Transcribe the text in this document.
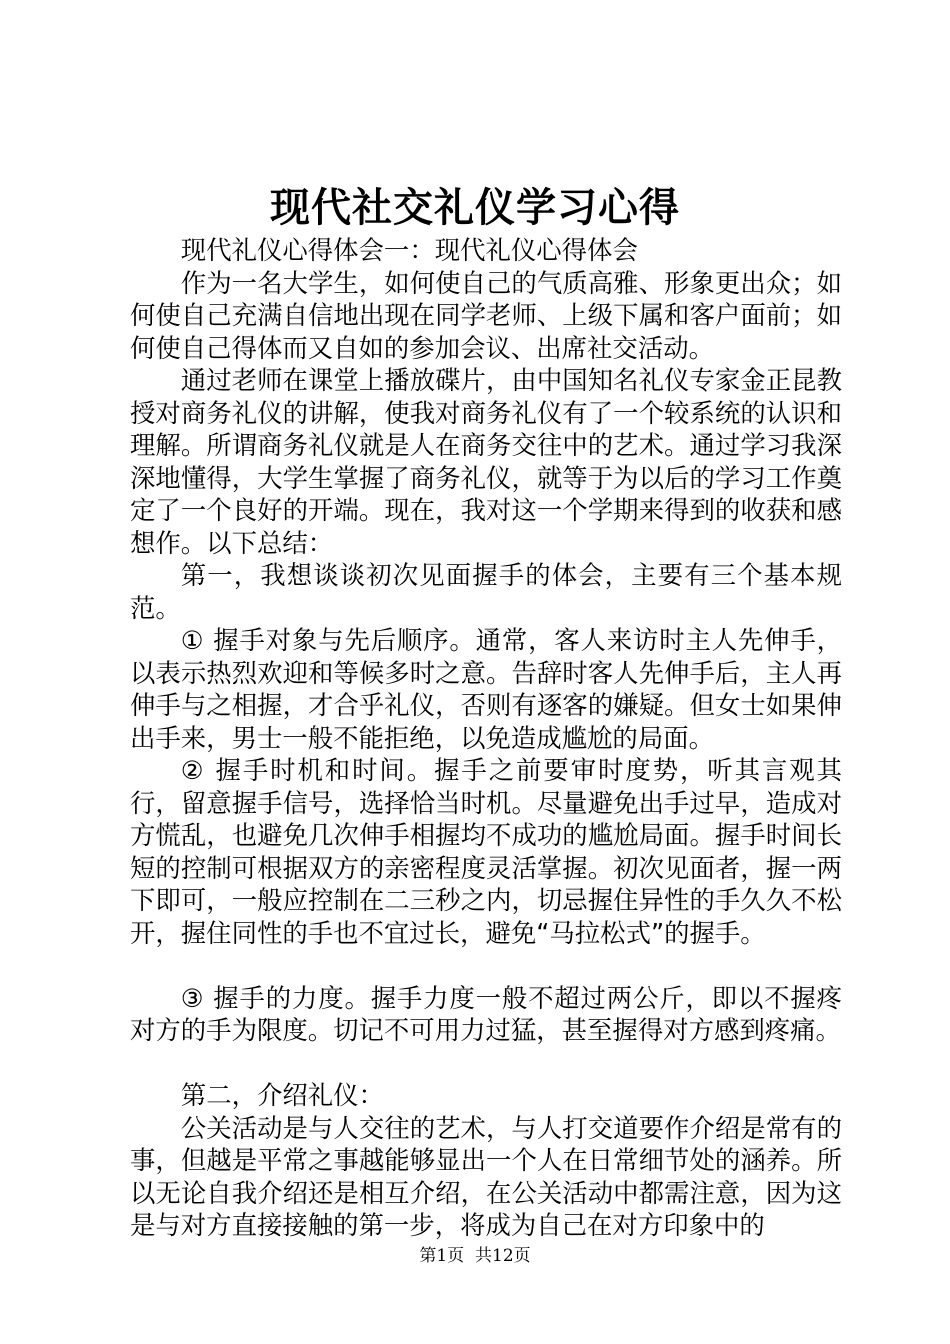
现代社交礼仪学习心得

现代礼仪心得体会一：现代礼仪心得体会

作为一名大学生，如何使自己的气质高雅、形象更出众；如何使自己充满自信地出现在同学老师、上级下属和客户面前；如何使自己得体而又自如的参加会议、出席社交活动。

通过老师在课堂上播放碟片，由中国知名礼仪专家金正昆教授对商务礼仪的讲解，使我对商务礼仪有了一个较系统的认识和理解。所谓商务礼仪就是人在商务交往中的艺术。通过学习我深深地懂得，大学生掌握了商务礼仪，就等于为以后的学习工作奠定了一个良好的开端。现在，我对这一个学期来得到的收获和感想作。以下总结：

第一，我想谈谈初次见面握手的体会，主要有三个基本规范。

① 握手对象与先后顺序。通常，客人来访时主人先伸手，以表示热烈欢迎和等候多时之意。告辞时客人先伸手后，主人再伸手与之相握，才合乎礼仪，否则有逐客的嫌疑。但女士如果伸出手来，男士一般不能拒绝，以免造成尴尬的局面。

② 握手时机和时间。握手之前要审时度势，听其言观其行，留意握手信号，选择恰当时机。尽量避免出手过早，造成对方慌乱，也避免几次伸手相握均不成功的尴尬局面。握手时间长短的控制可根据双方的亲密程度灵活掌握。初次见面者，握一两下即可，一般应控制在二三秒之内，切忌握住异性的手久久不松开，握住同性的手也不宜过长，避免“马拉松式”的握手。

③ 握手的力度。握手力度一般不超过两公斤，即以不握疼对方的手为限度。切记不可用力过猛，甚至握得对方感到疼痛。

第二，介绍礼仪：

公关活动是与人交往的艺术，与人打交道要作介绍是常有的事，但越是平常之事越能够显出一个人在日常细节处的涵养。所以无论自我介绍还是相互介绍，在公关活动中都需注意，因为这是与对方直接接触的第一步，将成为自己在对方印象中的

第1页 共12页
